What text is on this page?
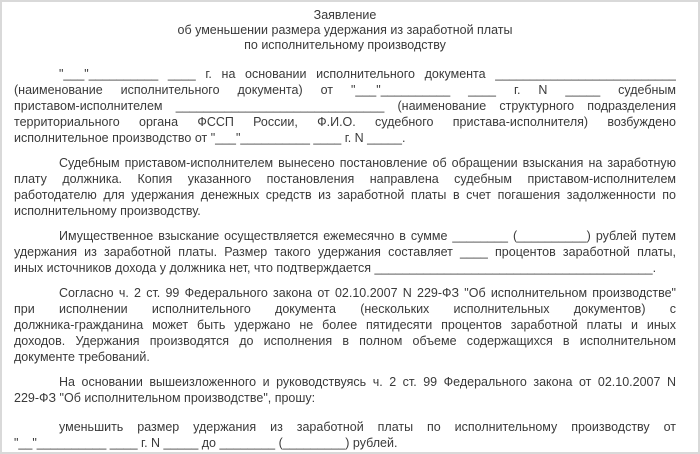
Заявление
об уменьшении размера удержания из заработной платы
по исполнительному производству
"___"__________ ____ г. на основании исполнительного документа __________________________
(наименование исполнительного документа) от "___"__________ ____ г. N _____ судебным
приставом-исполнителем ______________________________ (наименование структурного подразделения
территориального органа ФССП России, Ф.И.О. судебного пристава-исполнителя) возбуждено
исполнительное производство от "___"__________ ____ г. N _____.
Судебным приставом-исполнителем вынесено постановление об обращении взыскания на заработную
плату должника. Копия указанного постановления направлена судебным приставом-исполнителем
работодателю для удержания денежных средств из заработной платы в счет погашения задолженности по
исполнительному производству.
Имущественное взыскание осуществляется ежемесячно в сумме ________ (__________) рублей путем
удержания из заработной платы. Размер такого удержания составляет ____ процентов заработной платы,
иных источников дохода у должника нет, что подтверждается ________________________________________.
Согласно ч. 2 ст. 99 Федерального закона от 02.10.2007 N 229-ФЗ "Об исполнительном производстве"
при исполнении исполнительного документа (нескольких исполнительных документов) с
должника-гражданина может быть удержано не более пятидесяти процентов заработной платы и иных
доходов. Удержания производятся до исполнения в полном объеме содержащихся в исполнительном
документе требований.
На основании вышеизложенного и руководствуясь ч. 2 ст. 99 Федерального закона от 02.10.2007 N
229-ФЗ "Об исполнительном производстве", прошу:
уменьшить размер удержания из заработной платы по исполнительному производству от
"__"__________ ____ г. N _____ до ________ (_________) рублей.
